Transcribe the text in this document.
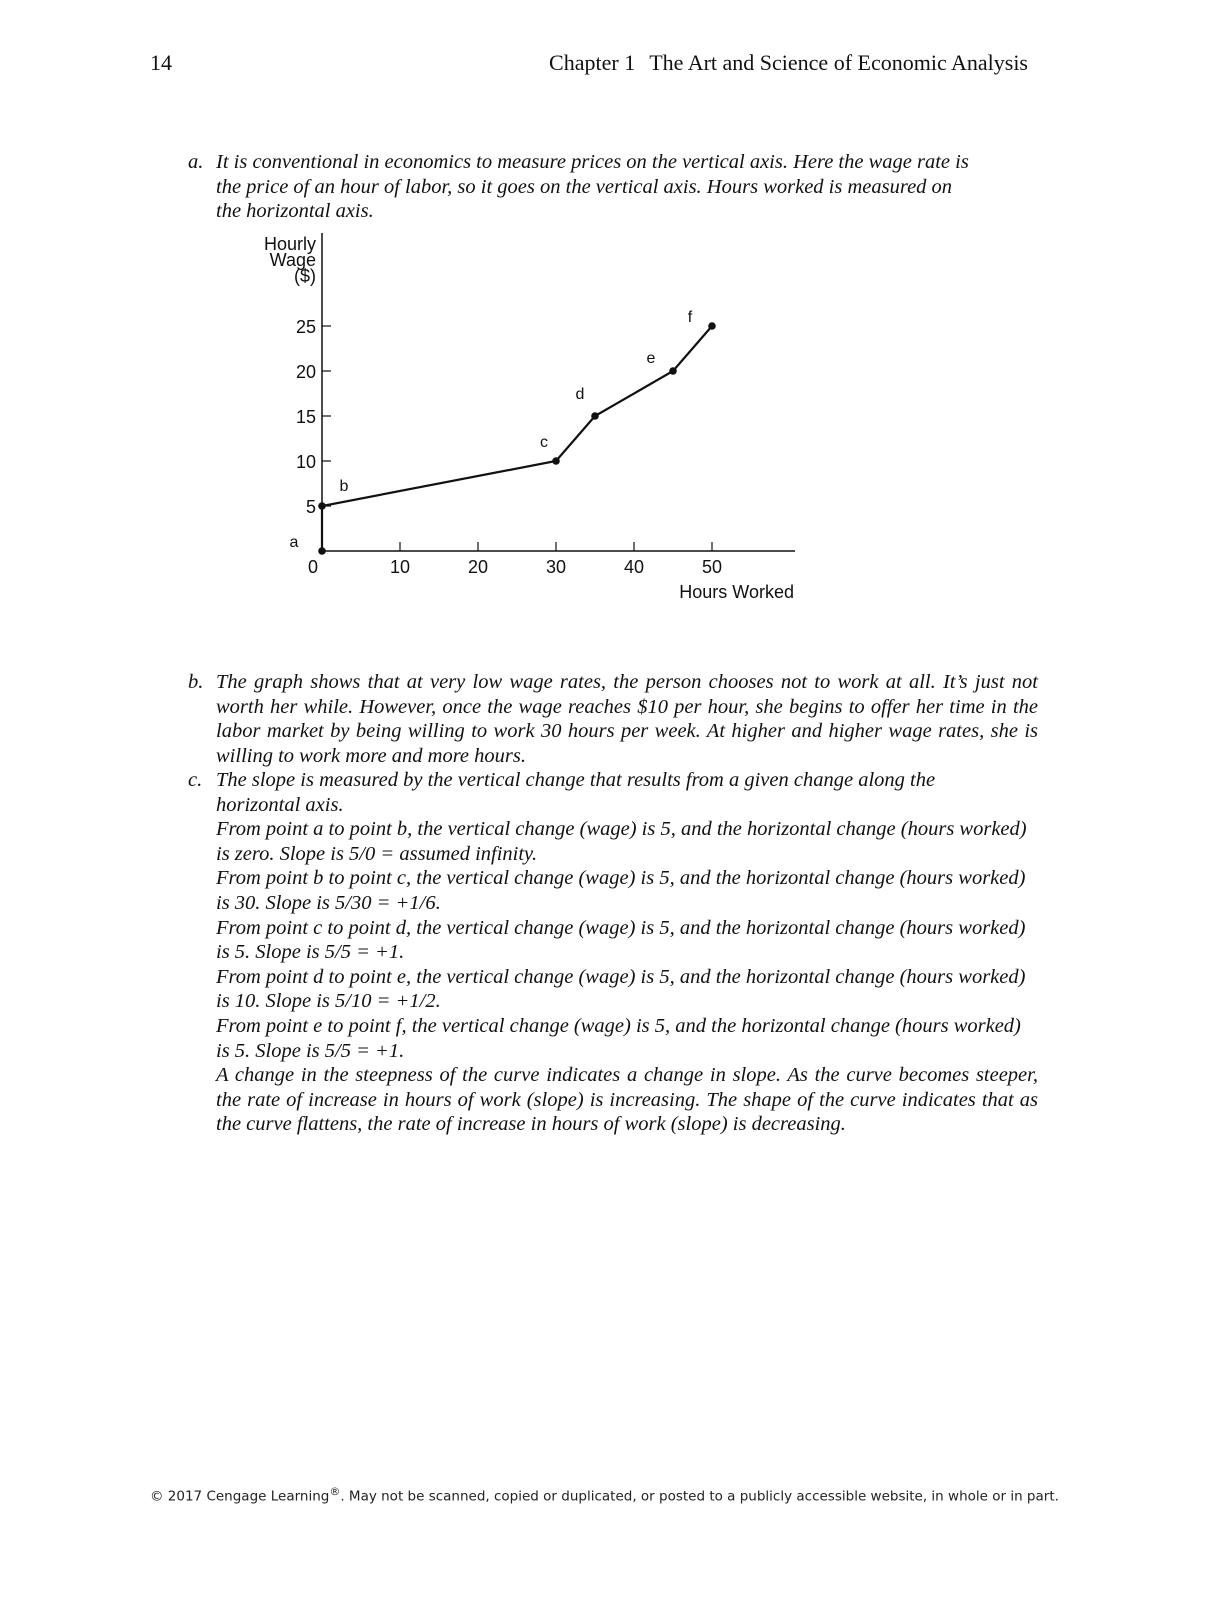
14	Chapter 1 The Art and Science of Economic Analysis
a. It is conventional in economics to measure prices on the vertical axis. Here the wage rate is
the price of an hour of labor, so it goes on the vertical axis. Hours worked is measured on
the horizontal axis.
Hourly
Wage
($)
5
10
15
20
25
0	10	20	30	40	50
Hours Worked
a
b
c
d
e
f
b. The graph shows that at very low wage rates, the person chooses not to work at all. It’s just not worth her while. However, once the wage reaches $10 per hour, she begins to offer her time in the labor market by being willing to work 30 hours per week. At higher and higher wage rates, she is willing to work more and more hours.
c. The slope is measured by the vertical change that results from a given change along the
horizontal axis.
From point a to point b, the vertical change (wage) is 5, and the horizontal change (hours worked) is zero. Slope is 5/0 = assumed infinity.
From point b to point c, the vertical change (wage) is 5, and the horizontal change (hours worked) is 30. Slope is 5/30 = +1/6.
From point c to point d, the vertical change (wage) is 5, and the horizontal change (hours worked) is 5. Slope is 5/5 = +1.
From point d to point e, the vertical change (wage) is 5, and the horizontal change (hours worked) is 10. Slope is 5/10 = +1/2.
From point e to point f, the vertical change (wage) is 5, and the horizontal change (hours worked) is 5. Slope is 5/5 = +1.
A change in the steepness of the curve indicates a change in slope. As the curve becomes steeper, the rate of increase in hours of work (slope) is increasing. The shape of the curve indicates that as the curve flattens, the rate of increase in hours of work (slope) is decreasing.
© 2017 Cengage Learning®. May not be scanned, copied or duplicated, or posted to a publicly accessible website, in whole or in part.
